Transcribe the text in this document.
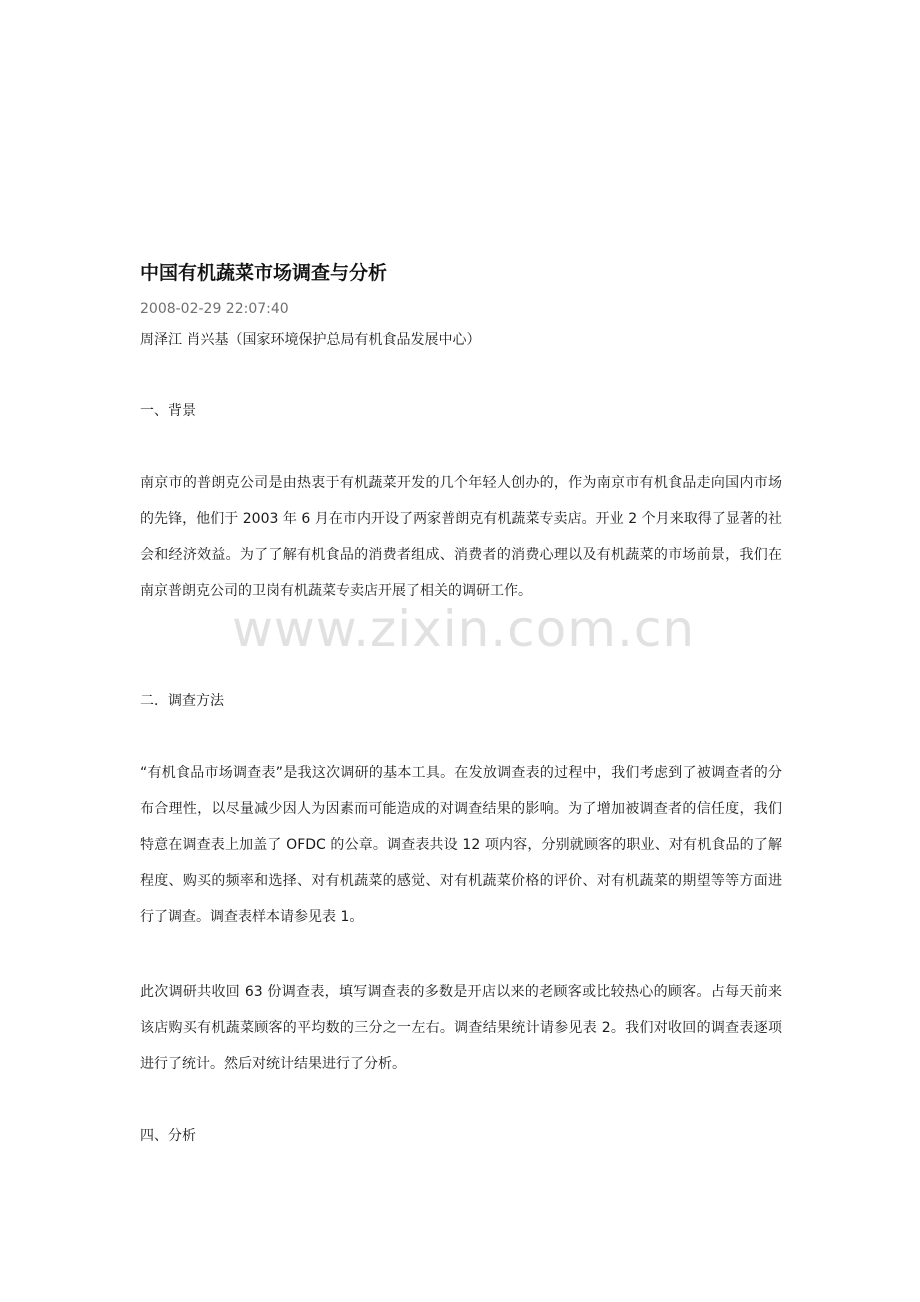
中国有机蔬菜市场调查与分析
2008-02-29 22:07:40
周泽江 肖兴基（国家环境保护总局有机食品发展中心）
一、背景

南京市的普朗克公司是由热衷于有机蔬菜开发的几个年轻人创办的，作为南京市有机食品走向国内市场的先锋，他们于 2003 年 6 月在市内开设了两家普朗克有机蔬菜专卖店。开业 2 个月来取得了显著的社会和经济效益。为了了解有机食品的消费者组成、消费者的消费心理以及有机蔬菜的市场前景，我们在南京普朗克公司的卫岗有机蔬菜专卖店开展了相关的调研工作。

二．调查方法

“有机食品市场调查表”是我这次调研的基本工具。在发放调查表的过程中，我们考虑到了被调查者的分布合理性，以尽量减少因人为因素而可能造成的对调查结果的影响。为了增加被调查者的信任度，我们特意在调查表上加盖了 OFDC 的公章。调查表共设 12 项内容，分别就顾客的职业、对有机食品的了解程度、购买的频率和选择、对有机蔬菜的感觉、对有机蔬菜价格的评价、对有机蔬菜的期望等等方面进行了调查。调查表样本请参见表 1。

此次调研共收回 63 份调查表，填写调查表的多数是开店以来的老顾客或比较热心的顾客。占每天前来该店购买有机蔬菜顾客的平均数的三分之一左右。调查结果统计请参见表 2。我们对收回的调查表逐项进行了统计。然后对统计结果进行了分析。

四、分析
www.zixin.com.cn
